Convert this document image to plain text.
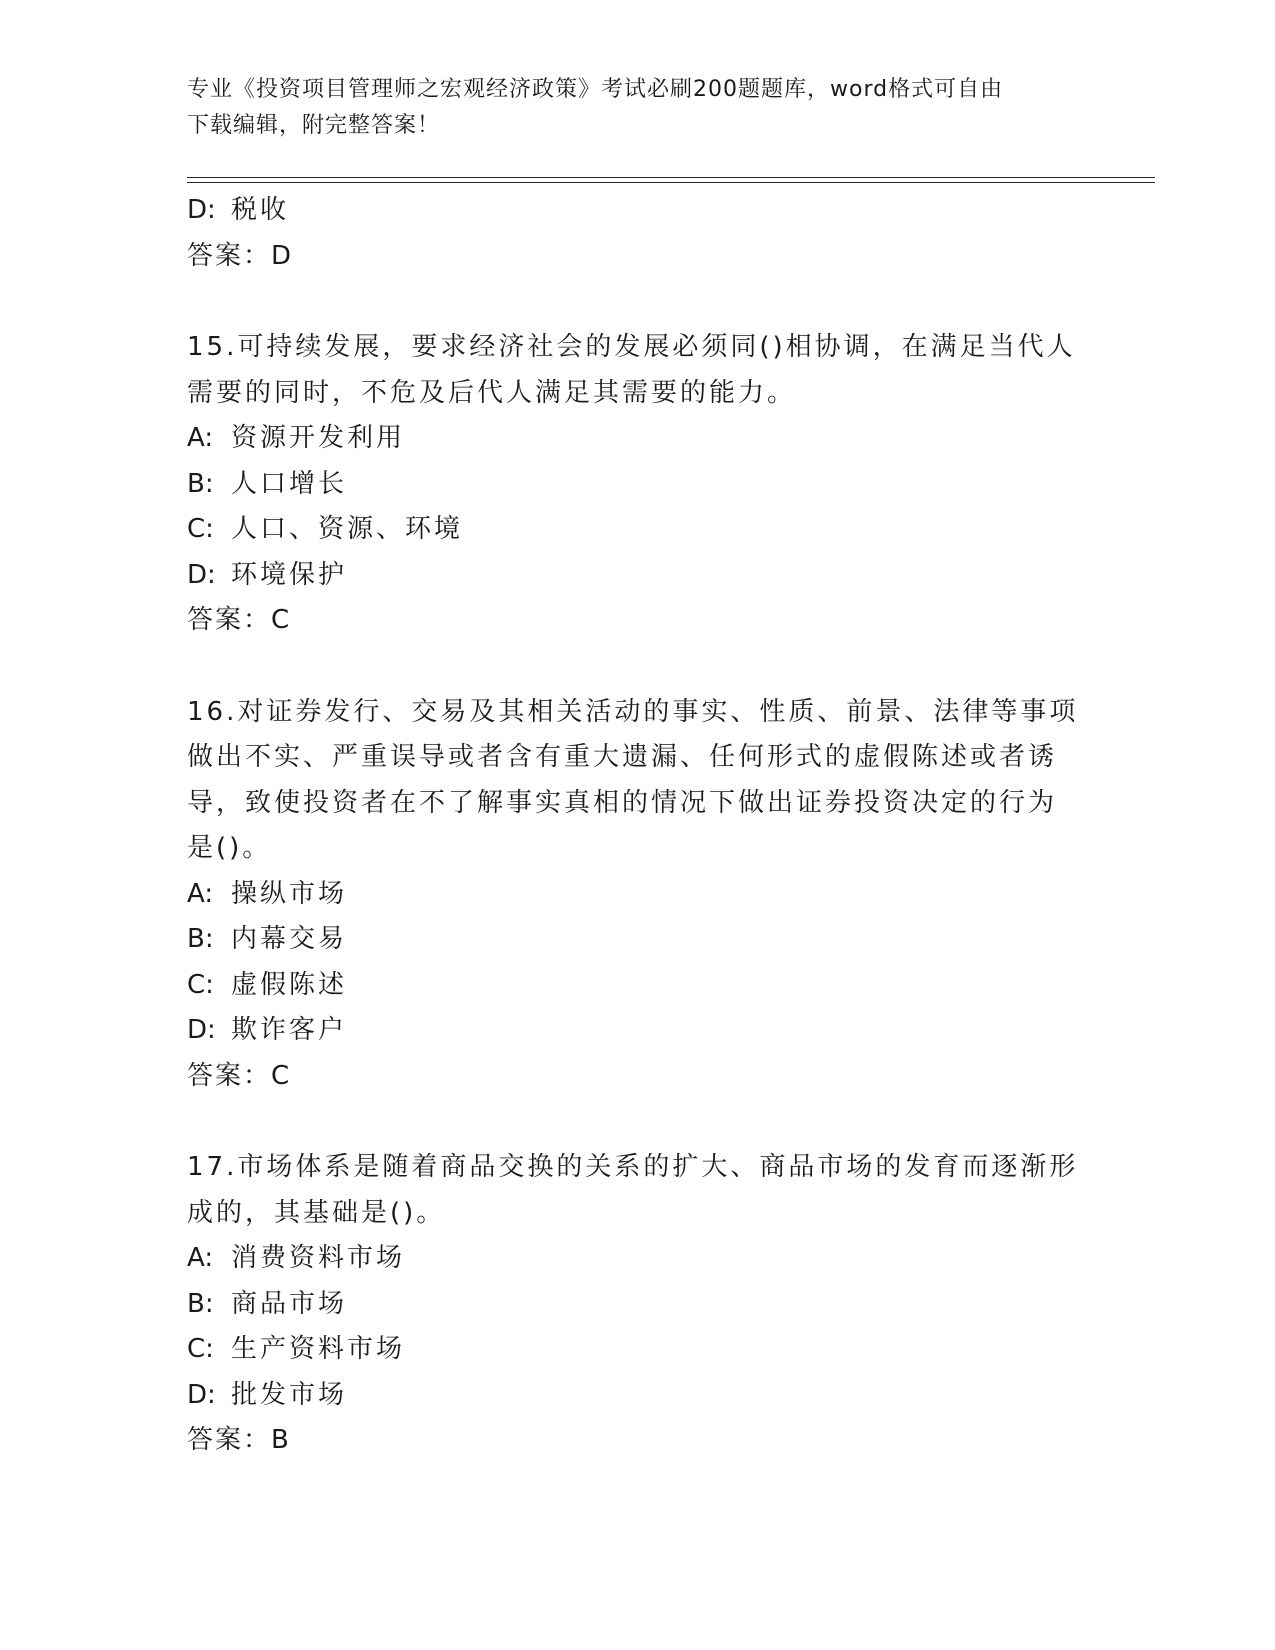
专业《投资项目管理师之宏观经济政策》考试必刷200题题库，word格式可自由
下载编辑，附完整答案！
D: 税收
答案：D
15.可持续发展，要求经济社会的发展必须同()相协调，在满足当代人
需要的同时，不危及后代人满足其需要的能力。
A: 资源开发利用
B: 人口增长
C: 人口、资源、环境
D: 环境保护
答案：C
16.对证券发行、交易及其相关活动的事实、性质、前景、法律等事项
做出不实、严重误导或者含有重大遗漏、任何形式的虚假陈述或者诱
导，致使投资者在不了解事实真相的情况下做出证券投资决定的行为
是()。
A: 操纵市场
B: 内幕交易
C: 虚假陈述
D: 欺诈客户
答案：C
17.市场体系是随着商品交换的关系的扩大、商品市场的发育而逐渐形
成的，其基础是()。
A: 消费资料市场
B: 商品市场
C: 生产资料市场
D: 批发市场
答案：B
